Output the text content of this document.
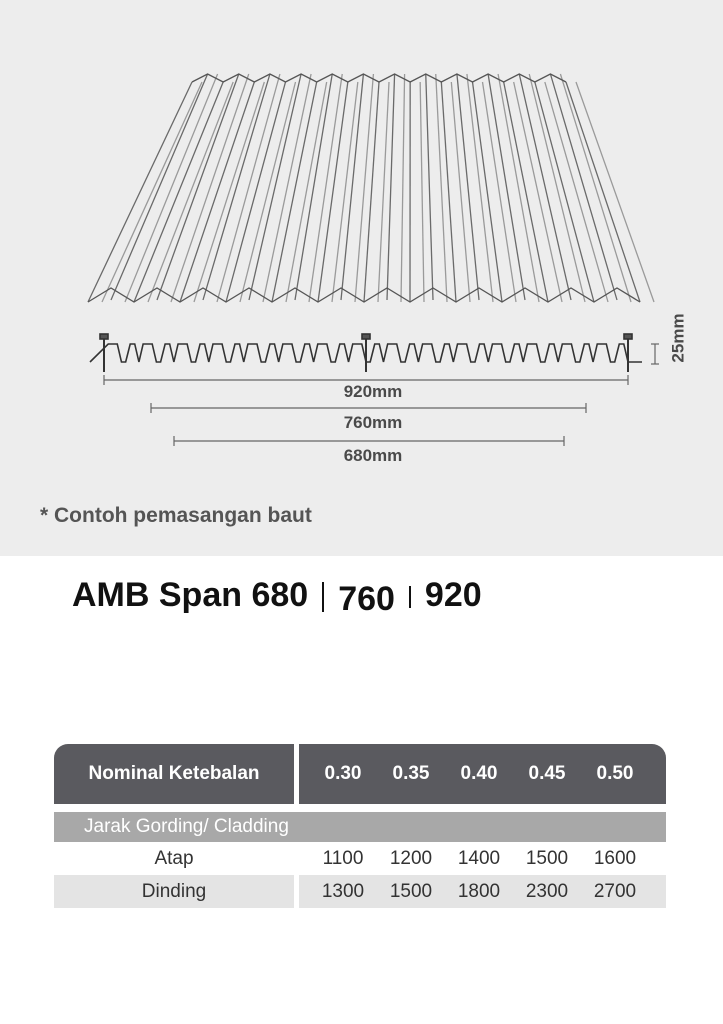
920mm
760mm
680mm
25mm
* Contoh pemasangan baut
AMB Span 680 760 920
Nominal Ketebalan	0.30	0.35	0.40	0.45	0.50
Jarak Gording/ Cladding
Atap	1100	1200	1400	1500	1600
Dinding	1300	1500	1800	2300	2700
